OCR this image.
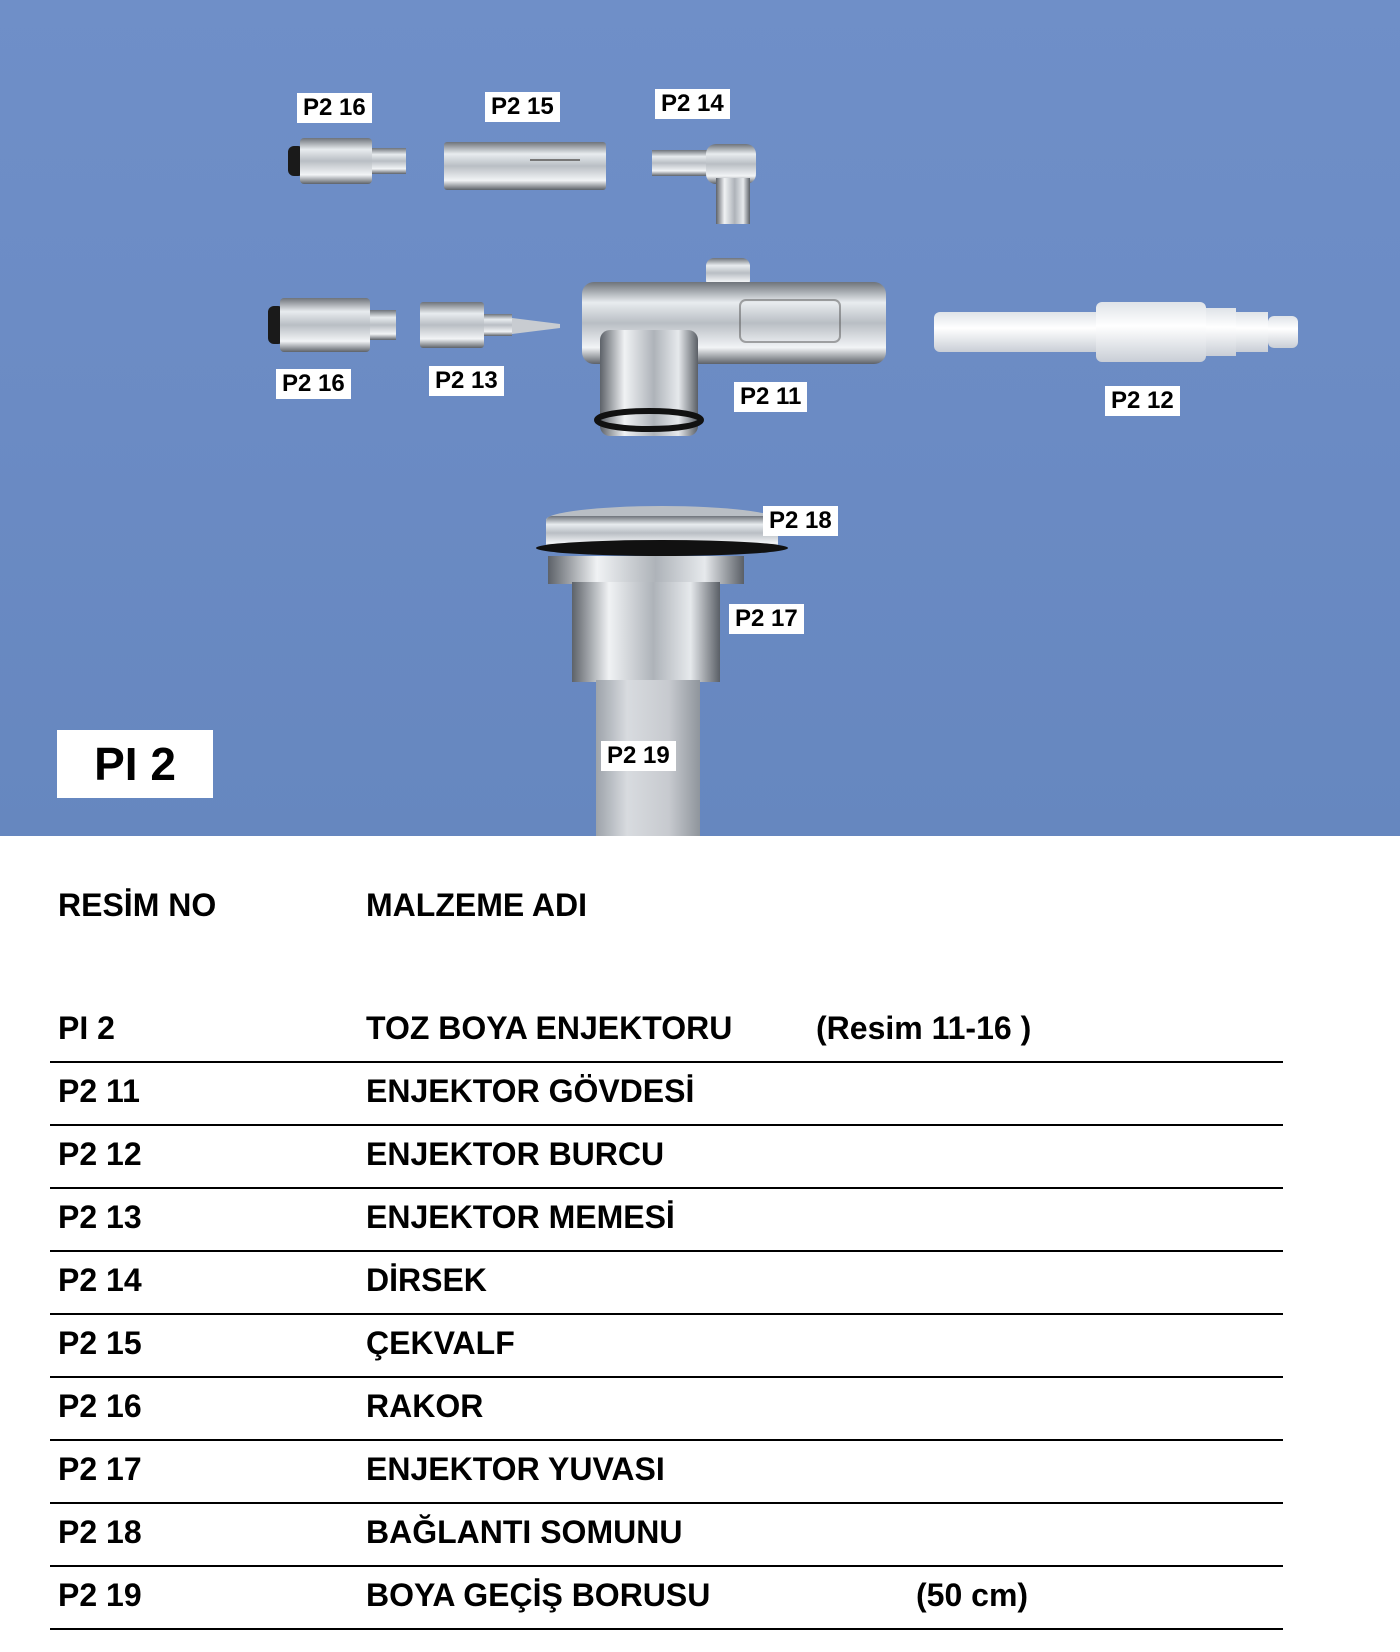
P2 16	P2 15	P2 14
P2 16	P2 13
P2 11	P2 12
P2 18
P2 17
P2 19
PI 2
RESİM NO	MALZEME ADI
PI 2	TOZ BOYA ENJEKTORU	(Resim 11-16 )
P2 11	ENJEKTOR GÖVDESİ
P2 12	ENJEKTOR BURCU
P2 13	ENJEKTOR MEMESİ
P2 14	DİRSEK
P2 15	ÇEKVALF
P2 16	RAKOR
P2 17	ENJEKTOR YUVASI
P2 18	BAĞLANTI SOMUNU
P2 19	BOYA GEÇİŞ BORUSU	(50 cm)
